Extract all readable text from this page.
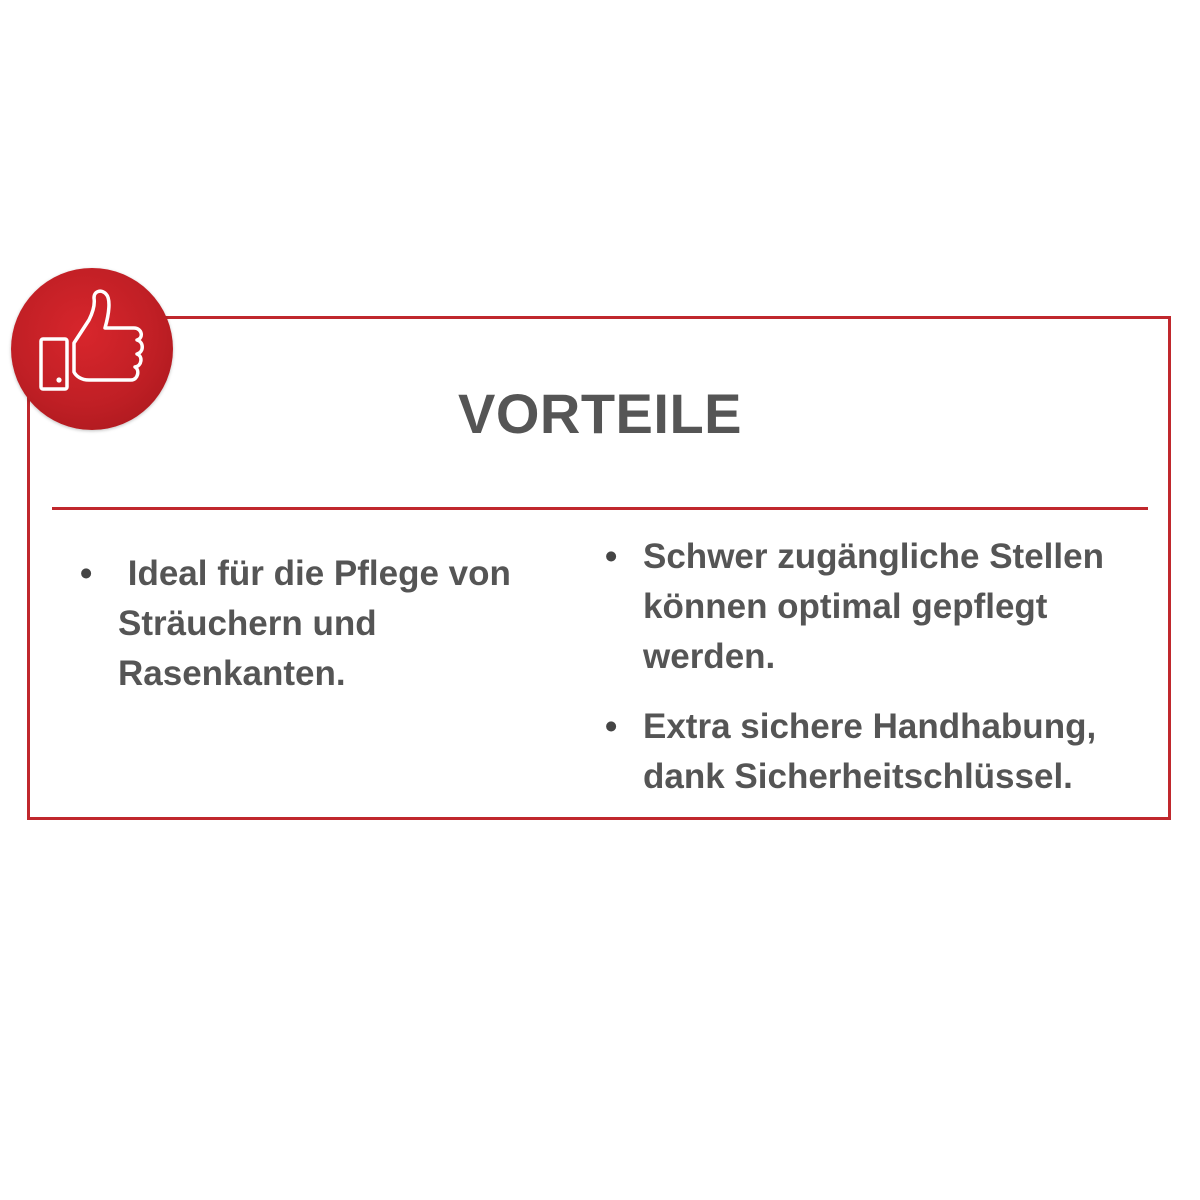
VORTEILE
• Ideal für die Pflege von Sträuchern und Rasenkanten.
• Schwer zugängliche Stellen können optimal gepflegt werden.
• Extra sichere Handhabung, dank Sicherheitschlüssel.
